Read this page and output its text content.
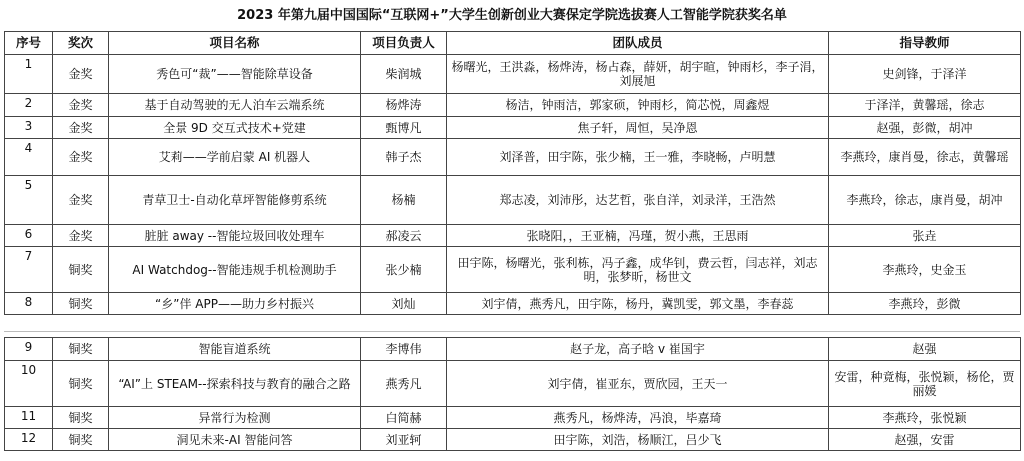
2023 年第九届中国国际“互联网+”大学生创新创业大赛保定学院选拔赛人工智能学院获奖名单
序号	奖次	项目名称	项目负责人	团队成员	指导教师
1	金奖	秀色可“裁”——智能除草设备	柴润城	杨曙光，王洪淼，杨烨涛，杨占森，薛妍，胡宇暄，钟雨杉，李子涓，刘展旭	史剑锋，于泽洋
2	金奖	基于自动驾驶的无人泊车云端系统	杨烨涛	杨洁，钟雨洁，郭家硕，钟雨杉，简芯悦，周鑫煜	于泽洋，黄馨瑶，徐志
3	金奖	全景 9D 交互式技术+党建	甄博凡	焦子轩，周恒，吴净恩	赵强，彭微，胡冲
4	金奖	艾莉——学前启蒙 AI 机器人	韩子杰	刘泽普，田宇陈，张少楠，王一雅，李晓畅，卢明慧	李燕玲，康肖曼，徐志，黄馨瑶
5	金奖	青草卫士-自动化草坪智能修剪系统	杨楠	郑志凌，刘沛彤，达艺哲，张自洋，刘录洋，王浩然	李燕玲，徐志，康肖曼，胡冲
6	金奖	脏脏 away --智能垃圾回收处理车	郝凌云	张晓阳，，王亚楠，冯瑾，贺小燕，王思雨	张垚
7	铜奖	AI Watchdog--智能违规手机检测助手	张少楠	田宇陈，杨曙光，张利栋，冯子鑫，成华钊，费云哲，闫志祥，刘志明，张梦昕，杨世文	李燕玲，史金玉
8	铜奖	“乡”伴 APP——助力乡村振兴	刘灿	刘宇倩，燕秀凡，田宇陈，杨丹，冀凯雯，郭文墨，李春蕊	李燕玲，彭微
9	铜奖	智能盲道系统	李博伟	赵子龙，高子晗 v 崔国宇	赵强
10	铜奖	“AI”上 STEAM--探索科技与教育的融合之路	燕秀凡	刘宇倩，崔亚东，贾欣园，王天一	安雷，种竟梅，张悦颖，杨伦，贾丽媛
11	铜奖	异常行为检测	白简赫	燕秀凡，杨烨涛，冯浪，毕嘉琦	李燕玲，张悦颖
12	铜奖	洞见未来-AI 智能问答	刘亚轲	田宇陈，刘浩，杨顺江，吕少飞	赵强，安雷
